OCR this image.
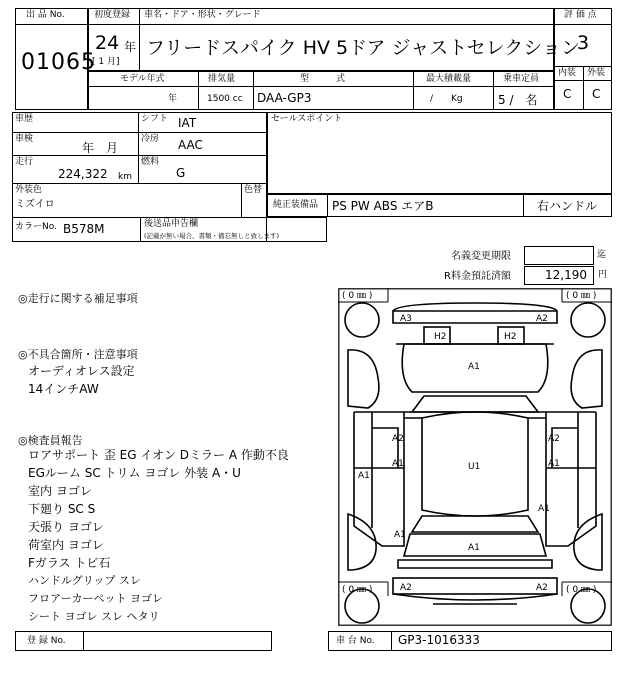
出 品 No.
01065
初度登録 車名・ドア・形状・グレード
24 年
[ 1 月]
フリードスパイク HV 5ドア ジャストセレクション
評 価 点
3
内装 外装
C C
モデル年式	排気量	型　　　式	最大積載量	乗車定員
年	1500 cc DAA-GP3	/　　Kg	5 /　名
車歴	シフト IAT
車検
年　月
冷房 AAC
走行
224,322 km
燃料
G
外装色
ミズイロ
色替
カラーNo. B578M	後送品申告欄
(記載が無い場合、書類・備忘無しと致します)
セールスポイント
純正装備品 PS PW ABS エアB	右ハンドル
名義変更期限	迄
R料金預託済額	12,190 円
◎走行に関する補足事項
◎不具合箇所・注意事項
オーディオレス設定
14インチAW
◎検査員報告
ロアサポート 歪 EG イオン Dミラー A 作動不良
EGルーム SC トリム ヨゴレ 外装 A・U
室内 ヨゴレ
下廻り SC S
天張り ヨゴレ
荷室内 ヨゴレ
Fガラス トビ石
ハンドルグリップ スレ
フロアーカーペット ヨゴレ
シート ヨゴレ スレ ヘタリ
( 0 ㎜ )	( 0 ㎜ )
( 0 ㎜ )	( 0 ㎜ )
A3	A2
H2	H2
A1
A2
A1
A1
A2
A1
A1
U1
A1
A1
A2	A2
登 録 No.	車 台 No. GP3-1016333
